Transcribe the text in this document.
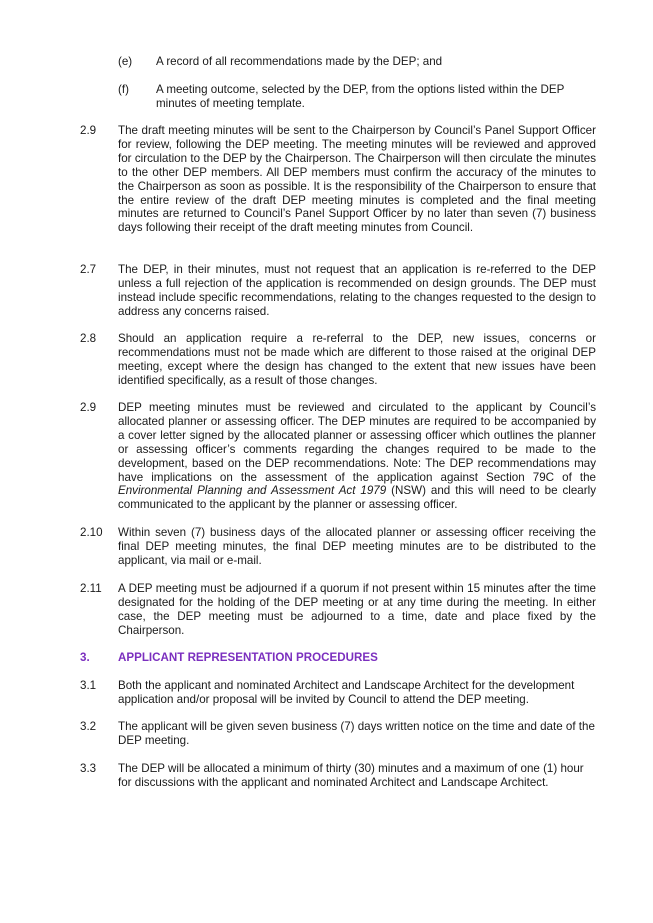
(e) A record of all recommendations made by the DEP; and
(f) A meeting outcome, selected by the DEP, from the options listed within the DEP minutes of meeting template.
2.9 The draft meeting minutes will be sent to the Chairperson by Council’s Panel Support Officer for review, following the DEP meeting. The meeting minutes will be reviewed and approved for circulation to the DEP by the Chairperson. The Chairperson will then circulate the minutes to the other DEP members. All DEP members must confirm the accuracy of the minutes to the Chairperson as soon as possible. It is the responsibility of the Chairperson to ensure that the entire review of the draft DEP meeting minutes is completed and the final meeting minutes are returned to Council’s Panel Support Officer by no later than seven (7) business days following their receipt of the draft meeting minutes from Council.
2.7 The DEP, in their minutes, must not request that an application is re-referred to the DEP unless a full rejection of the application is recommended on design grounds. The DEP must instead include specific recommendations, relating to the changes requested to the design to address any concerns raised.
2.8 Should an application require a re-referral to the DEP, new issues, concerns or recommendations must not be made which are different to those raised at the original DEP meeting, except where the design has changed to the extent that new issues have been identified specifically, as a result of those changes.
2.9 DEP meeting minutes must be reviewed and circulated to the applicant by Council’s allocated planner or assessing officer. The DEP minutes are required to be accompanied by a cover letter signed by the allocated planner or assessing officer which outlines the planner or assessing officer’s comments regarding the changes required to be made to the development, based on the DEP recommendations. Note: The DEP recommendations may have implications on the assessment of the application against Section 79C of the Environmental Planning and Assessment Act 1979 (NSW) and this will need to be clearly communicated to the applicant by the planner or assessing officer.
2.10 Within seven (7) business days of the allocated planner or assessing officer receiving the final DEP meeting minutes, the final DEP meeting minutes are to be distributed to the applicant, via mail or e-mail.
2.11 A DEP meeting must be adjourned if a quorum if not present within 15 minutes after the time designated for the holding of the DEP meeting or at any time during the meeting. In either case, the DEP meeting must be adjourned to a time, date and place fixed by the Chairperson.
3. APPLICANT REPRESENTATION PROCEDURES
3.1 Both the applicant and nominated Architect and Landscape Architect for the development application and/or proposal will be invited by Council to attend the DEP meeting.
3.2 The applicant will be given seven business (7) days written notice on the time and date of the DEP meeting.
3.3 The DEP will be allocated a minimum of thirty (30) minutes and a maximum of one (1) hour for discussions with the applicant and nominated Architect and Landscape Architect.
